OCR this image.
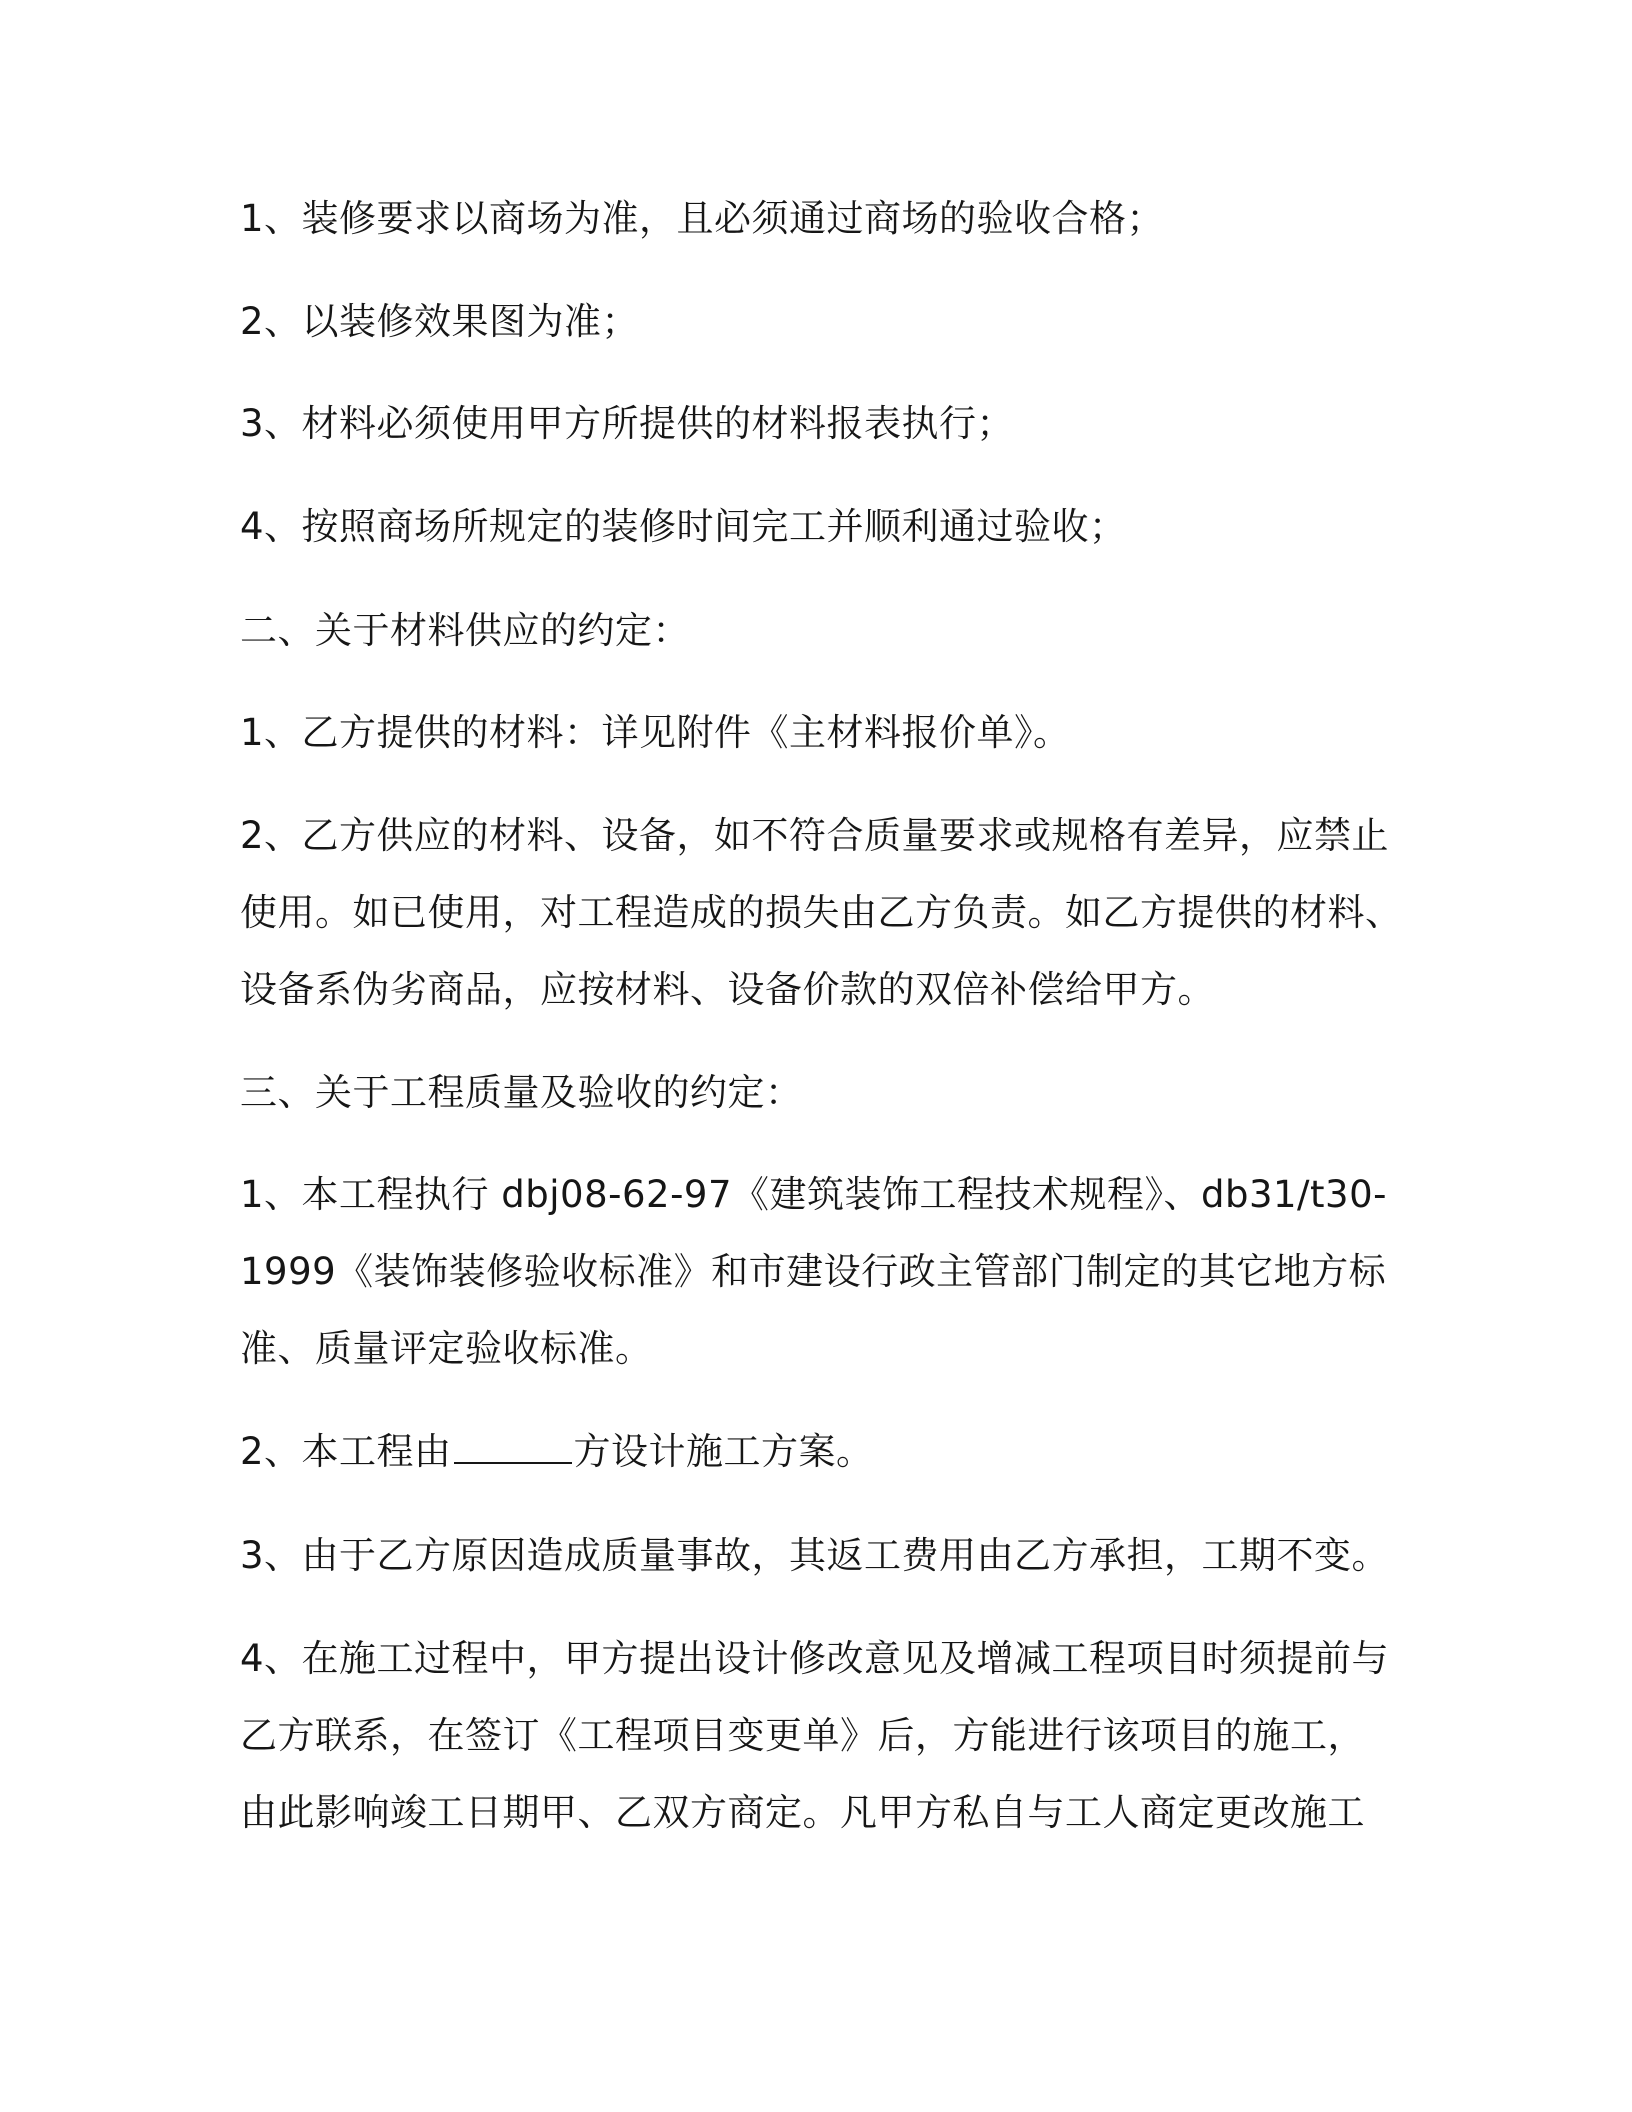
1、装修要求以商场为准，且必须通过商场的验收合格；

2、以装修效果图为准；

3、材料必须使用甲方所提供的材料报表执行；

4、按照商场所规定的装修时间完工并顺利通过验收；

二、关于材料供应的约定：

1、乙方提供的材料：详见附件《主材料报价单》。

2、乙方供应的材料、设备，如不符合质量要求或规格有差异，应禁止
使用。如已使用，对工程造成的损失由乙方负责。如乙方提供的材料、
设备系伪劣商品，应按材料、设备价款的双倍补偿给甲方。

三、关于工程质量及验收的约定：

1、本工程执行 dbj08-62-97《建筑装饰工程技术规程》、db31/t30-
1999《装饰装修验收标准》和市建设行政主管部门制定的其它地方标
准、质量评定验收标准。

2、本工程由	方设计施工方案。

3、由于乙方原因造成质量事故，其返工费用由乙方承担，工期不变。

4、在施工过程中，甲方提出设计修改意见及增减工程项目时须提前与
乙方联系，在签订《工程项目变更单》后，方能进行该项目的施工，
由此影响竣工日期甲、乙双方商定。凡甲方私自与工人商定更改施工
